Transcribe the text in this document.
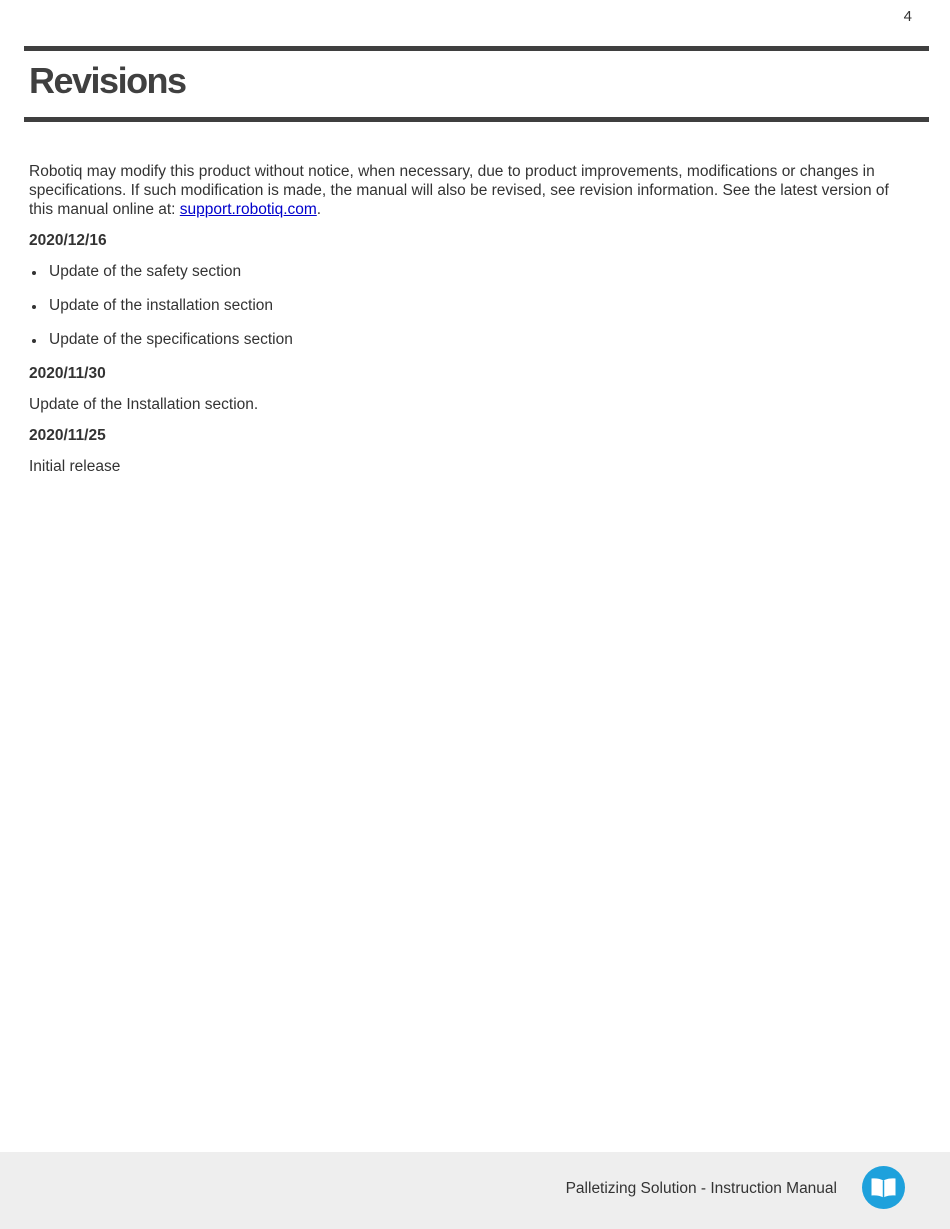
4
Revisions

Robotiq may modify this product without notice, when necessary, due to product improvements, modifications or changes in specifications. If such modification is made, the manual will also be revised, see revision information. See the latest version of this manual online at: support.robotiq.com.

2020/12/16
Update of the safety section
Update of the installation section
Update of the specifications section
2020/11/30

Update of the Installation section.

2020/11/25

Initial release

Palletizing Solution - Instruction Manual
